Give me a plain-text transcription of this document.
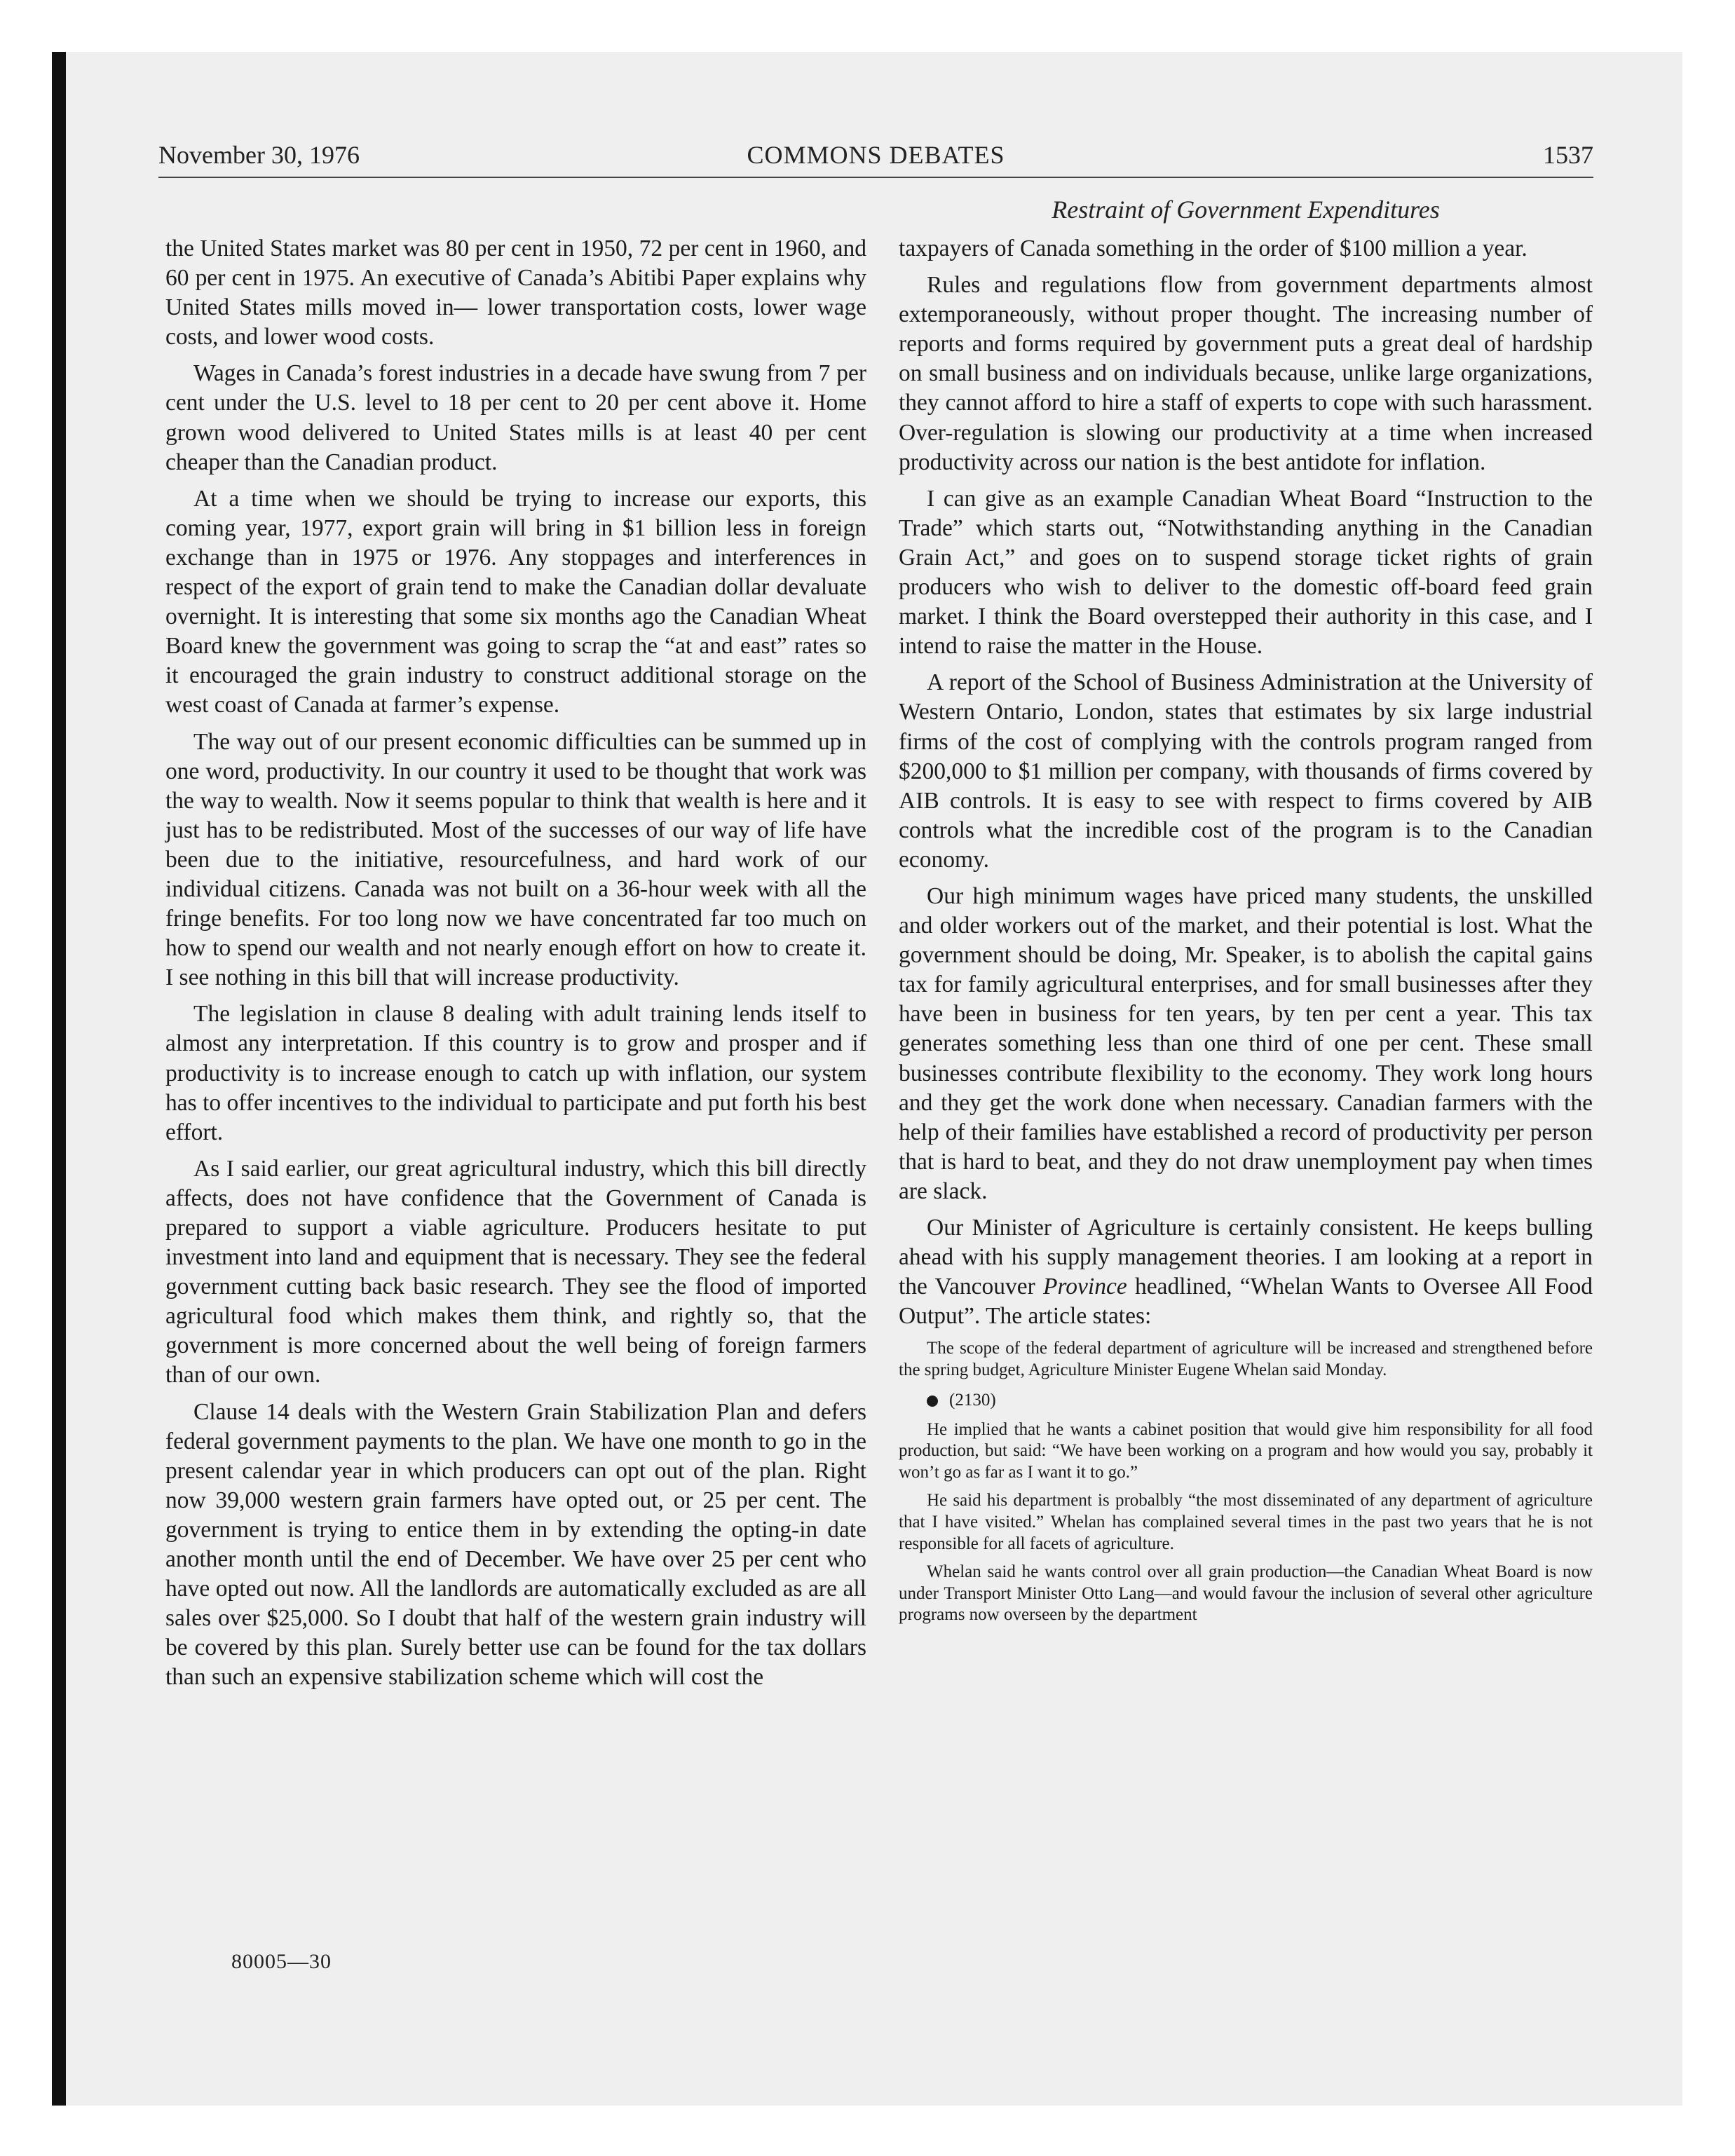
November 30, 1976	COMMONS DEBATES	1537
Restraint of Government Expenditures

the United States market was 80 per cent in 1950, 72 per cent in 1960, and 60 per cent in 1975. An executive of Canada’s Abitibi Paper explains why United States mills moved in— lower transportation costs, lower wage costs, and lower wood costs.

Wages in Canada’s forest industries in a decade have swung from 7 per cent under the U.S. level to 18 per cent to 20 per cent above it. Home grown wood delivered to United States mills is at least 40 per cent cheaper than the Canadian product.

At a time when we should be trying to increase our exports, this coming year, 1977, export grain will bring in $1 billion less in foreign exchange than in 1975 or 1976. Any stoppages and interferences in respect of the export of grain tend to make the Canadian dollar devaluate overnight. It is interesting that some six months ago the Canadian Wheat Board knew the government was going to scrap the “at and east” rates so it encouraged the grain industry to construct additional storage on the west coast of Canada at farmer’s expense.

The way out of our present economic difficulties can be summed up in one word, productivity. In our country it used to be thought that work was the way to wealth. Now it seems popular to think that wealth is here and it just has to be redistributed. Most of the successes of our way of life have been due to the initiative, resourcefulness, and hard work of our individual citizens. Canada was not built on a 36-hour week with all the fringe benefits. For too long now we have concentrated far too much on how to spend our wealth and not nearly enough effort on how to create it. I see nothing in this bill that will increase productivity.

The legislation in clause 8 dealing with adult training lends itself to almost any interpretation. If this country is to grow and prosper and if productivity is to increase enough to catch up with inflation, our system has to offer incentives to the individual to participate and put forth his best effort.

As I said earlier, our great agricultural industry, which this bill directly affects, does not have confidence that the Government of Canada is prepared to support a viable agriculture. Producers hesitate to put investment into land and equipment that is necessary. They see the federal government cutting back basic research. They see the flood of imported agricultural food which makes them think, and rightly so, that the government is more concerned about the well being of foreign farmers than of our own.

Clause 14 deals with the Western Grain Stabilization Plan and defers federal government payments to the plan. We have one month to go in the present calendar year in which producers can opt out of the plan. Right now 39,000 western grain farmers have opted out, or 25 per cent. The government is trying to entice them in by extending the opting-in date another month until the end of December. We have over 25 per cent who have opted out now. All the landlords are automatically excluded as are all sales over $25,000. So I doubt that half of the western grain industry will be covered by this plan. Surely better use can be found for the tax dollars than such an expensive stabilization scheme which will cost the

taxpayers of Canada something in the order of $100 million a year.

Rules and regulations flow from government departments almost extemporaneously, without proper thought. The increasing number of reports and forms required by government puts a great deal of hardship on small business and on individuals because, unlike large organizations, they cannot afford to hire a staff of experts to cope with such harassment. Over-regulation is slowing our productivity at a time when increased productivity across our nation is the best antidote for inflation.

I can give as an example Canadian Wheat Board “Instruction to the Trade” which starts out, “Notwithstanding anything in the Canadian Grain Act,” and goes on to suspend storage ticket rights of grain producers who wish to deliver to the domestic off-board feed grain market. I think the Board overstepped their authority in this case, and I intend to raise the matter in the House.

A report of the School of Business Administration at the University of Western Ontario, London, states that estimates by six large industrial firms of the cost of complying with the controls program ranged from $200,000 to $1 million per company, with thousands of firms covered by AIB controls. It is easy to see with respect to firms covered by AIB controls what the incredible cost of the program is to the Canadian economy.

Our high minimum wages have priced many students, the unskilled and older workers out of the market, and their potential is lost. What the government should be doing, Mr. Speaker, is to abolish the capital gains tax for family agricultural enterprises, and for small businesses after they have been in business for ten years, by ten per cent a year. This tax generates something less than one third of one per cent. These small businesses contribute flexibility to the economy. They work long hours and they get the work done when necessary. Canadian farmers with the help of their families have established a record of productivity per person that is hard to beat, and they do not draw unemployment pay when times are slack.

Our Minister of Agriculture is certainly consistent. He keeps bulling ahead with his supply management theories. I am looking at a report in the Vancouver Province headlined, “Whelan Wants to Oversee All Food Output”. The article states:

The scope of the federal department of agriculture will be increased and strengthened before the spring budget, Agriculture Minister Eugene Whelan said Monday.

(2130)

He implied that he wants a cabinet position that would give him responsibility for all food production, but said: “We have been working on a program and how would you say, probably it won’t go as far as I want it to go.”

He said his department is probalbly “the most disseminated of any department of agriculture that I have visited.” Whelan has complained several times in the past two years that he is not responsible for all facets of agriculture.

Whelan said he wants control over all grain production—the Canadian Wheat Board is now under Transport Minister Otto Lang—and would favour the inclusion of several other agriculture programs now overseen by the department

80005—30
